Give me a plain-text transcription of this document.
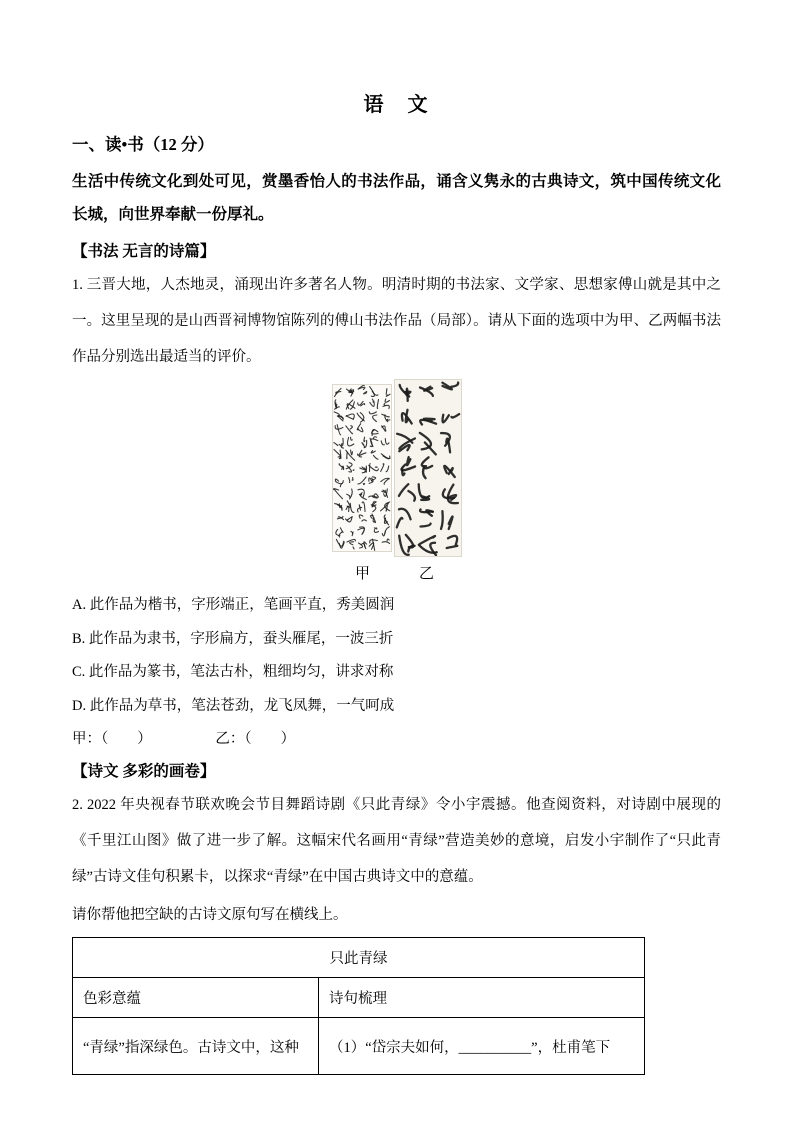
语　文
一、读•书（12 分）
生活中传统文化到处可见，赏墨香怡人的书法作品，诵含义隽永的古典诗文，筑中国传统文化长城，向世界奉献一份厚礼。
【书法 无言的诗篇】
1. 三晋大地，人杰地灵，涌现出许多著名人物。明清时期的书法家、文学家、思想家傅山就是其中之一。这里呈现的是山西晋祠博物馆陈列的傅山书法作品（局部）。请从下面的选项中为甲、乙两幅书法作品分别选出最适当的评价。
甲	乙
A. 此作品为楷书，字形端正，笔画平直，秀美圆润
B. 此作品为隶书，字形扁方，蚕头雁尾，一波三折
C. 此作品为篆书，笔法古朴，粗细均匀，讲求对称
D. 此作品为草书，笔法苍劲，龙飞凤舞，一气呵成
甲：（　　）	乙：（　　）
【诗文 多彩的画卷】
2. 2022 年央视春节联欢晚会节目舞蹈诗剧《只此青绿》令小宇震撼。他查阅资料，对诗剧中展现的《千里江山图》做了进一步了解。这幅宋代名画用“青绿”营造美妙的意境，启发小宇制作了“只此青绿”古诗文佳句积累卡，以探求“青绿”在中国古典诗文中的意蕴。
请你帮他把空缺的古诗文原句写在横线上。
只此青绿	
色彩意蕴	诗句梳理
“青绿”指深绿色。古诗文中，这种	（1）“岱宗夫如何，__________”，杜甫笔下
